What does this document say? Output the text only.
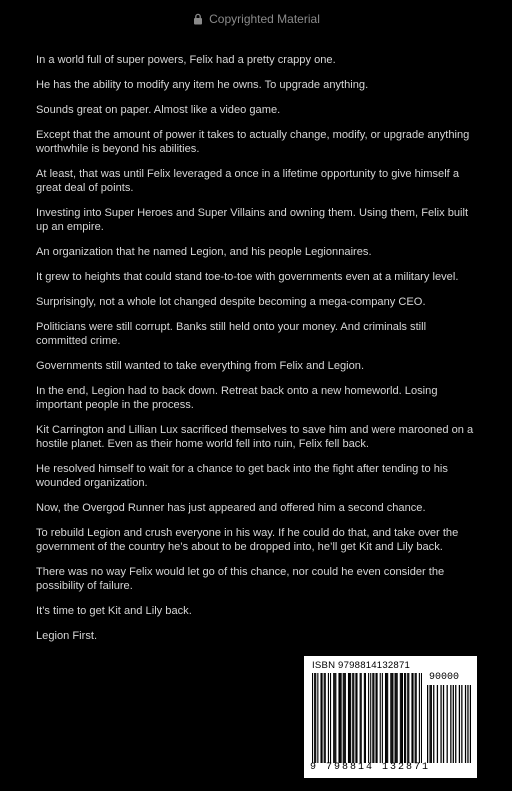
Copyrighted Material

In a world full of super powers, Felix had a pretty crappy one.

He has the ability to modify any item he owns. To upgrade anything.

Sounds great on paper. Almost like a video game.

Except that the amount of power it takes to actually change, modify, or upgrade anything worthwhile is beyond his abilities.

At least, that was until Felix leveraged a once in a lifetime opportunity to give himself a great deal of points.

Investing into Super Heroes and Super Villains and owning them. Using them, Felix built up an empire.

An organization that he named Legion, and his people Legionnaires.

It grew to heights that could stand toe-to-toe with governments even at a military level.

Surprisingly, not a whole lot changed despite becoming a mega-company CEO.

Politicians were still corrupt. Banks still held onto your money. And criminals still committed crime.

Governments still wanted to take everything from Felix and Legion.

In the end, Legion had to back down. Retreat back onto a new homeworld. Losing important people in the process.

Kit Carrington and Lillian Lux sacrificed themselves to save him and were marooned on a hostile planet. Even as their home world fell into ruin, Felix fell back.

He resolved himself to wait for a chance to get back into the fight after tending to his wounded organization.

Now, the Overgod Runner has just appeared and offered him a second chance.

To rebuild Legion and crush everyone in his way. If he could do that, and take over the government of the country he’s about to be dropped into, he’ll get Kit and Lily back.

There was no way Felix would let go of this chance, nor could he even consider the possibility of failure.

It’s time to get Kit and Lily back.

Legion First.

ISBN 9798814132871
90000
9 798814 132871
